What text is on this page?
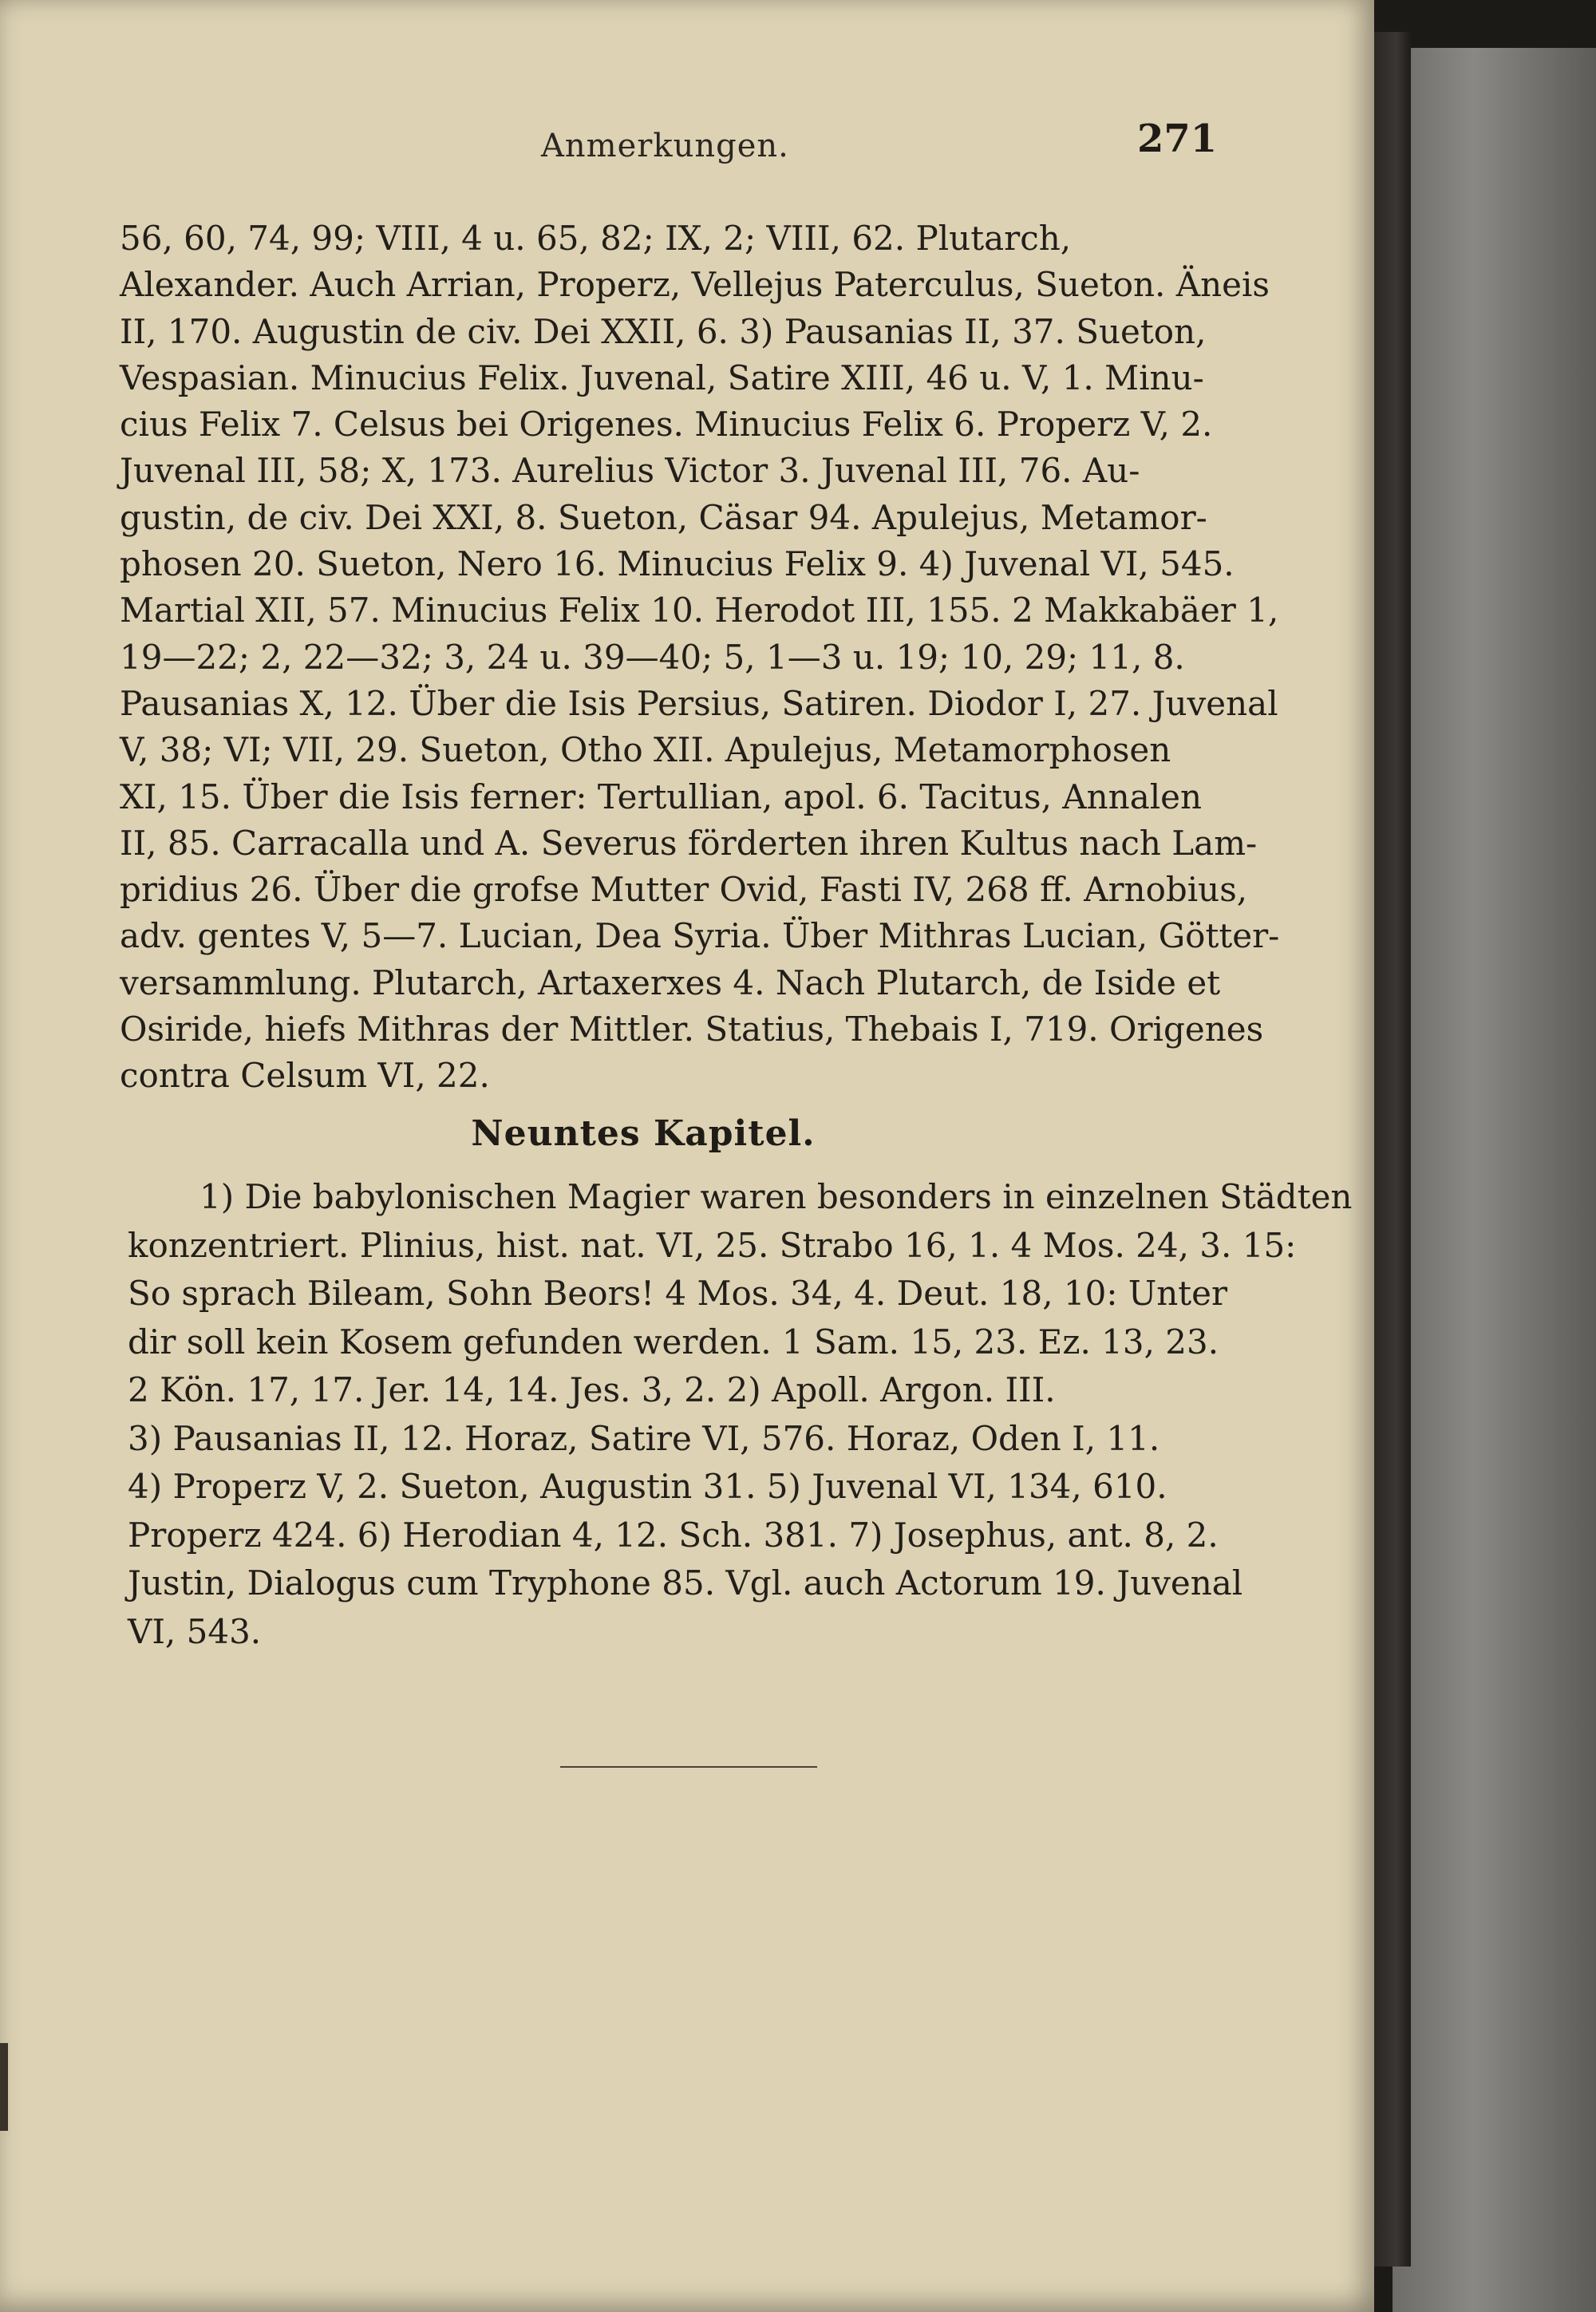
Anmerkungen.	271
56, 60, 74, 99; VIII, 4 u. 65, 82; IX, 2; VIII, 62. Plutarch,
Alexander. Auch Arrian, Properz, Vellejus Paterculus, Sueton. Äneis
II, 170. Augustin de civ. Dei XXII, 6. 3) Pausanias II, 37. Sueton,
Vespasian. Minucius Felix. Juvenal, Satire XIII, 46 u. V, 1. Minu-
cius Felix 7. Celsus bei Origenes. Minucius Felix 6. Properz V, 2.
Juvenal III, 58; X, 173. Aurelius Victor 3. Juvenal III, 76. Au-
gustin, de civ. Dei XXI, 8. Sueton, Cäsar 94. Apulejus, Metamor-
phosen 20. Sueton, Nero 16. Minucius Felix 9. 4) Juvenal VI, 545.
Martial XII, 57. Minucius Felix 10. Herodot III, 155. 2 Makkabäer 1,
19—22; 2, 22—32; 3, 24 u. 39—40; 5, 1—3 u. 19; 10, 29; 11, 8.
Pausanias X, 12. Über die Isis Persius, Satiren. Diodor I, 27. Juvenal
V, 38; VI; VII, 29. Sueton, Otho XII. Apulejus, Metamorphosen
XI, 15. Über die Isis ferner: Tertullian, apol. 6. Tacitus, Annalen
II, 85. Carracalla und A. Severus förderten ihren Kultus nach Lam-
pridius 26. Über die grofse Mutter Ovid, Fasti IV, 268 ff. Arnobius,
adv. gentes V, 5—7. Lucian, Dea Syria. Über Mithras Lucian, Götter-
versammlung. Plutarch, Artaxerxes 4. Nach Plutarch, de Iside et
Osiride, hiefs Mithras der Mittler. Statius, Thebais I, 719. Origenes
contra Celsum VI, 22.
Neuntes Kapitel.
1) Die babylonischen Magier waren besonders in einzelnen Städten
konzentriert. Plinius, hist. nat. VI, 25. Strabo 16, 1. 4 Mos. 24, 3. 15:
So sprach Bileam, Sohn Beors! 4 Mos. 34, 4. Deut. 18, 10: Unter
dir soll kein Kosem gefunden werden. 1 Sam. 15, 23. Ez. 13, 23.
2 Kön. 17, 17. Jer. 14, 14. Jes. 3, 2. 2) Apoll. Argon. III.
3) Pausanias II, 12. Horaz, Satire VI, 576. Horaz, Oden I, 11.
4) Properz V, 2. Sueton, Augustin 31. 5) Juvenal VI, 134, 610.
Properz 424. 6) Herodian 4, 12. Sch. 381. 7) Josephus, ant. 8, 2.
Justin, Dialogus cum Tryphone 85. Vgl. auch Actorum 19. Juvenal
VI, 543.
